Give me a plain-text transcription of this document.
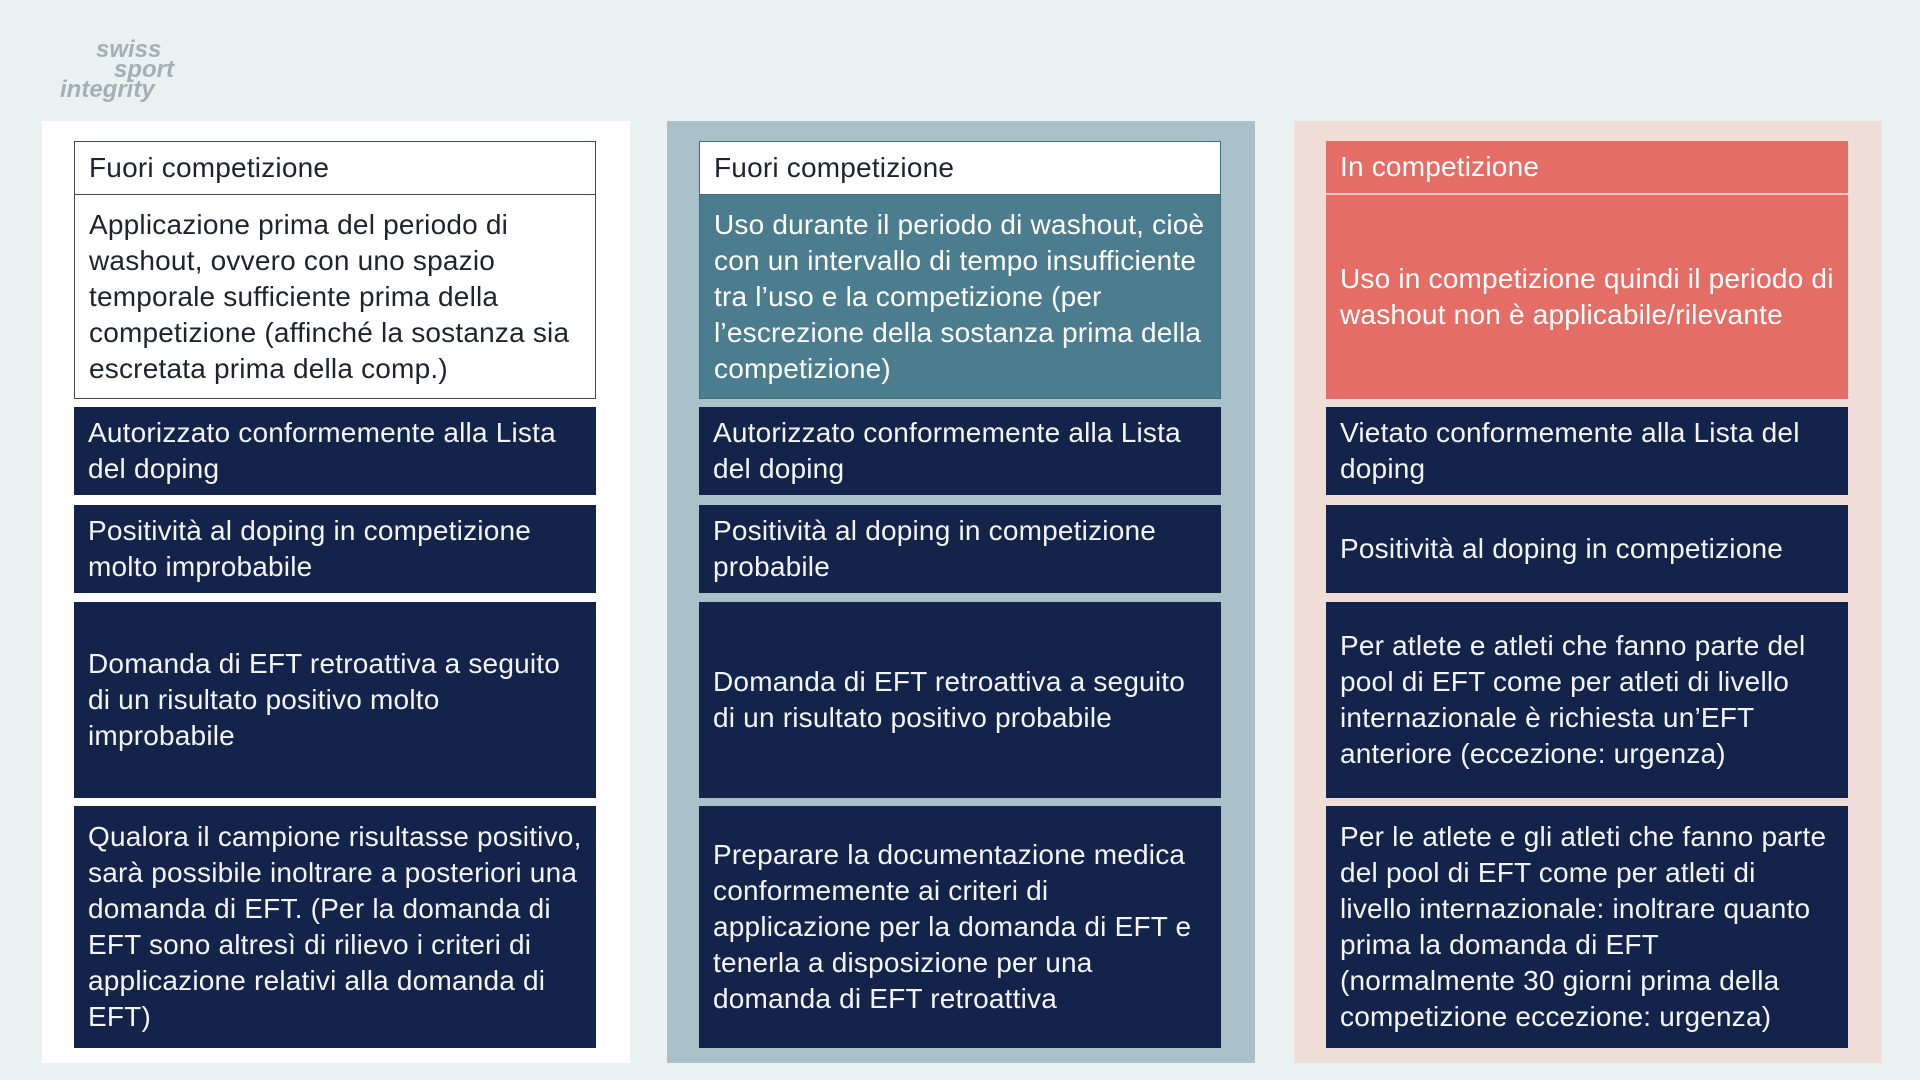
swiss
sport
integrity
Fuori competizione
Applicazione prima del periodo di washout, ovvero con uno spazio temporale sufficiente prima della competizione (affinché la sostanza sia escretata prima della comp.)
Autorizzato conformemente alla Lista del doping
Positività al doping in competizione molto improbabile
Domanda di EFT retroattiva a seguito di un risultato positivo molto improbabile
Qualora il campione risultasse positivo, sarà possibile inoltrare a posteriori una domanda di EFT. (Per la domanda di EFT sono altresì di rilievo i criteri di applicazione relativi alla domanda di EFT)
Fuori competizione
Uso durante il periodo di washout, cioè con un intervallo di tempo insufficiente tra l’uso e la competizione (per l’escrezione della sostanza prima della competizione)
Autorizzato conformemente alla Lista del doping
Positività al doping in competizione probabile
Domanda di EFT retroattiva a seguito di un risultato positivo probabile
Preparare la documentazione medica conformemente ai criteri di applicazione per la domanda di EFT e tenerla a disposizione per una domanda di EFT retroattiva
In competizione
Uso in competizione quindi il periodo di washout non è applicabile/rilevante
Vietato conformemente alla Lista del doping
Positività al doping in competizione
Per atlete e atleti che fanno parte del pool di EFT come per atleti di livello internazionale è richiesta un’EFT anteriore (eccezione: urgenza)
Per le atlete e gli atleti che fanno parte del pool di EFT come per atleti di livello internazionale: inoltrare quanto prima la domanda di EFT (normalmente 30 giorni prima della competizione eccezione: urgenza)
